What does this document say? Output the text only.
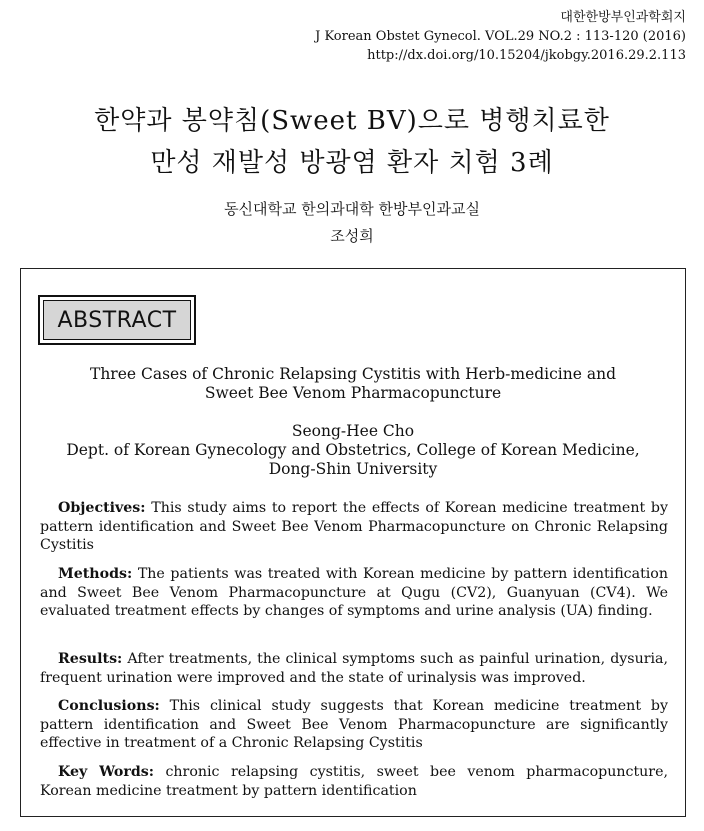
대한한방부인과학회지
J Korean Obstet Gynecol. VOL.29 NO.2 : 113-120 (2016)
http://dx.doi.org/10.15204/jkobgy.2016.29.2.113
한약과 봉약침(Sweet BV)으로 병행치료한
만성 재발성 방광염 환자 치험 3례
동신대학교 한의과대학 한방부인과교실
조성희
ABSTRACT
Three Cases of Chronic Relapsing Cystitis with Herb-medicine and
Sweet Bee Venom Pharmacopuncture
Seong-Hee Cho
Dept. of Korean Gynecology and Obstetrics, College of Korean Medicine,
Dong-Shin University

Objectives: This study aims to report the effects of Korean medicine treatment by pattern identification and Sweet Bee Venom Pharmacopuncture on Chronic Relapsing Cystitis

Methods: The patients was treated with Korean medicine by pattern identification and Sweet Bee Venom Pharmacopuncture at Qugu (CV2), Guanyuan (CV4). We evaluated treatment effects by changes of symptoms and urine analysis (UA) finding.

Results: After treatments, the clinical symptoms such as painful urination, dysuria, frequent urination were improved and the state of urinalysis was improved.

Conclusions: This clinical study suggests that Korean medicine treatment by pattern identification and Sweet Bee Venom Pharmacopuncture are significantly effective in treatment of a Chronic Relapsing Cystitis

Key Words: chronic relapsing cystitis, sweet bee venom pharmacopuncture, Korean medicine treatment by pattern identification
